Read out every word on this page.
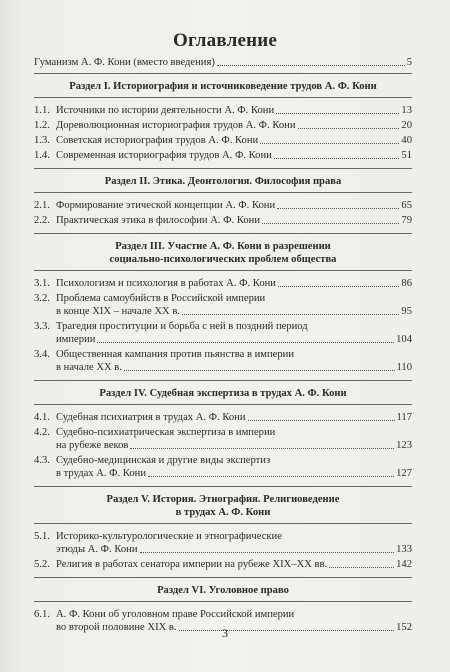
Оглавление
Гуманизм А. Ф. Кони (вместо введения)	5
Раздел I. Историография и источниковедение трудов А. Ф. Кони
1.1. Источники по истории деятельности А. Ф. Кони	13
1.2. Дореволюционная историография трудов А. Ф. Кони	20
1.3. Советская историография трудов А. Ф. Кони	40
1.4. Современная историография трудов А. Ф. Кони	51
Раздел II. Этика. Деонтология. Философия права
2.1. Формирование этической концепции А. Ф. Кони	65
2.2. Практическая этика в философии А. Ф. Кони	79
Раздел III. Участие А. Ф. Кони в разрешении
социально-психологических проблем общества
3.1. Психологизм и психология в работах А. Ф. Кони	86
3.2. Проблема самоубийств в Российской империи
в конце XIX – начале XX в.	95
3.3. Трагедия проституции и борьба с ней в поздний период
империи	104
3.4. Общественная кампания против пьянства в империи
в начале XX в.	110
Раздел IV. Судебная экспертиза в трудах А. Ф. Кони
4.1. Судебная психиатрия в трудах А. Ф. Кони	117
4.2. Судебно-психиатрическая экспертиза в империи
на рубеже веков	123
4.3. Судебно-медицинская и другие виды экспертиз
в трудах А. Ф. Кони	127
Раздел V. История. Этнография. Религиоведение
в трудах А. Ф. Кони
5.1. Историко-культурологические и этнографические
этюды А. Ф. Кони	133
5.2. Религия в работах сенатора империи на рубеже XIX–XX вв.	142
Раздел VI. Уголовное право
6.1. А. Ф. Кони об уголовном праве Российской империи
во второй половине XIX в.	152
3
